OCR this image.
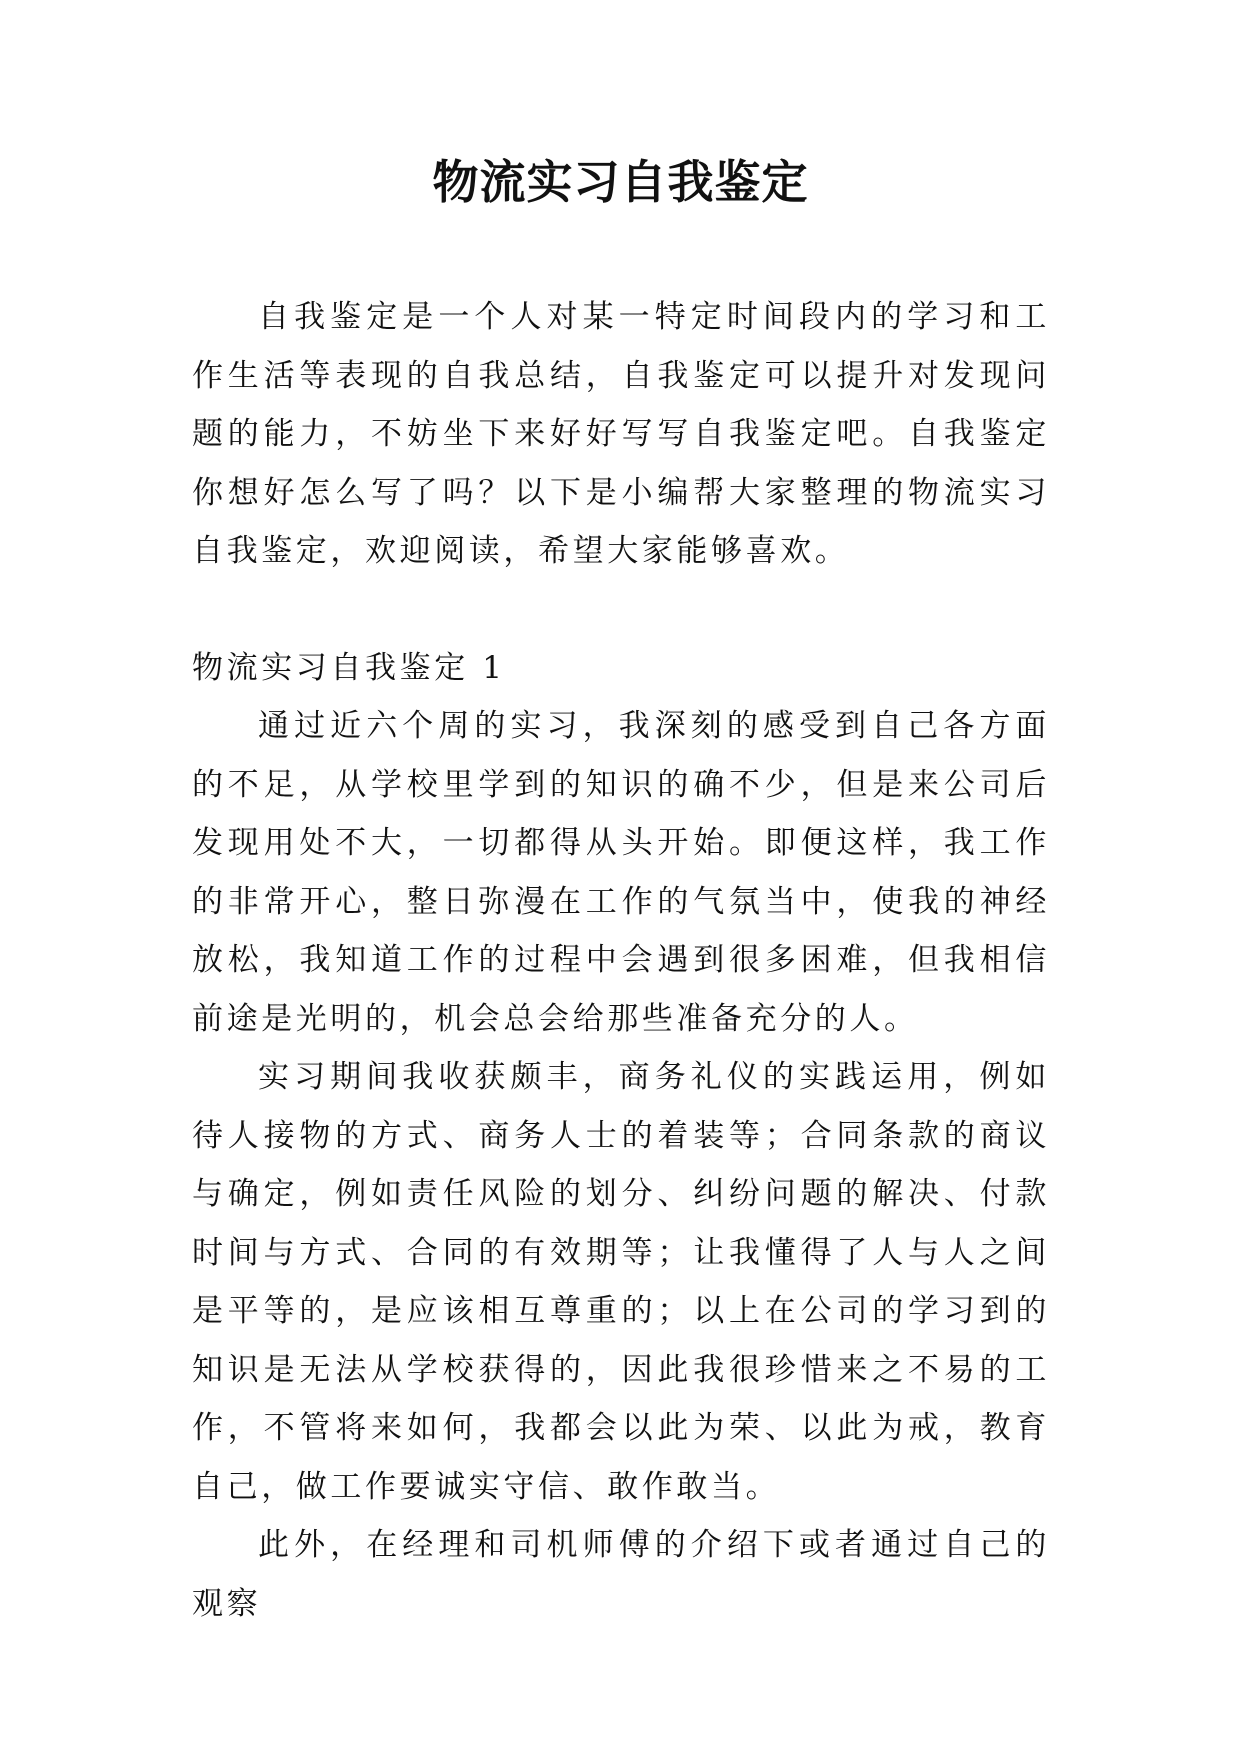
物流实习自我鉴定

自我鉴定是一个人对某一特定时间段内的学习和工作生活等表现的自我总结，自我鉴定可以提升对发现问题的能力，不妨坐下来好好写写自我鉴定吧。自我鉴定你想好怎么写了吗？以下是小编帮大家整理的物流实习自我鉴定，欢迎阅读，希望大家能够喜欢。

物流实习自我鉴定 1

通过近六个周的实习，我深刻的感受到自己各方面的不足，从学校里学到的知识的确不少，但是来公司后发现用处不大，一切都得从头开始。即便这样，我工作的非常开心，整日弥漫在工作的气氛当中，使我的神经放松，我知道工作的过程中会遇到很多困难，但我相信前途是光明的，机会总会给那些准备充分的人。

实习期间我收获颇丰，商务礼仪的实践运用，例如待人接物的方式、商务人士的着装等；合同条款的商议与确定，例如责任风险的划分、纠纷问题的解决、付款时间与方式、合同的有效期等；让我懂得了人与人之间是平等的，是应该相互尊重的；以上在公司的学习到的知识是无法从学校获得的，因此我很珍惜来之不易的工作，不管将来如何，我都会以此为荣、以此为戒，教育自己，做工作要诚实守信、敢作敢当。

此外，在经理和司机师傅的介绍下或者通过自己的观察
